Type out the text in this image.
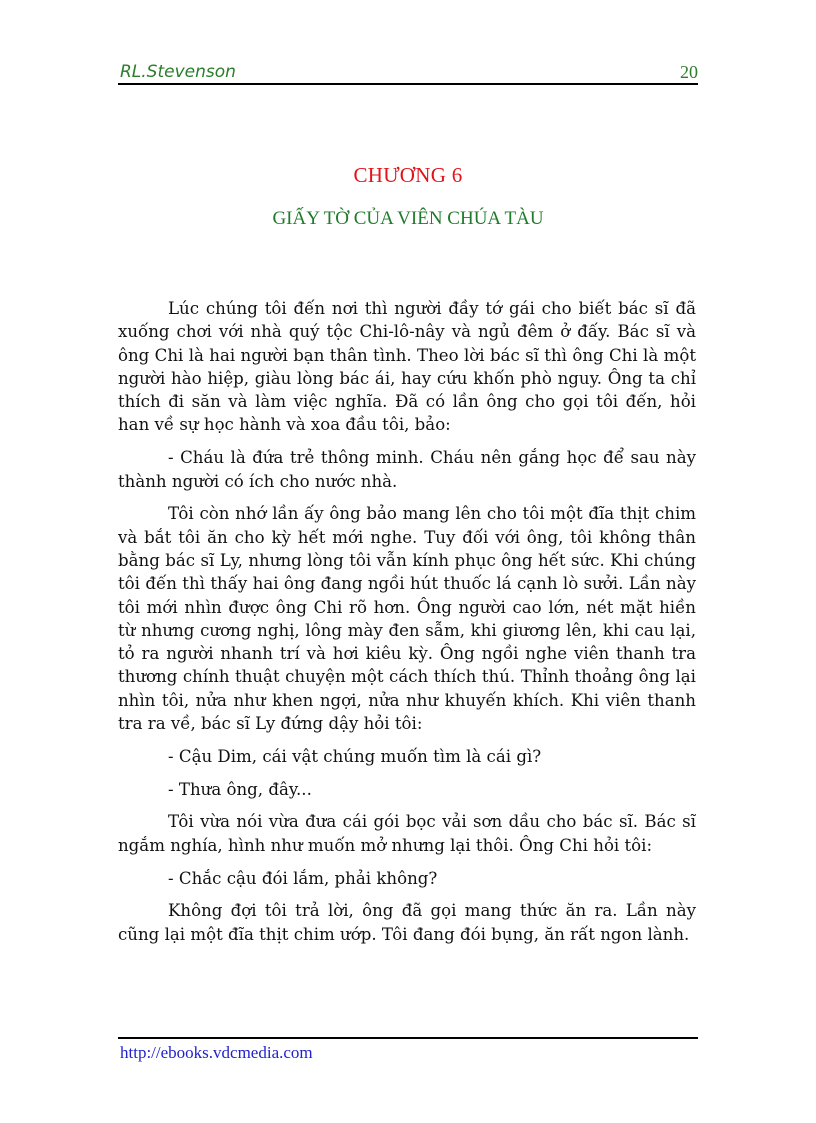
RL.Stevenson	20
CHƯƠNG 6
GIẤY TỜ CỦA VIÊN CHÚA TÀU

Lúc chúng tôi đến nơi thì người đầy tớ gái cho biết bác sĩ đã xuống chơi với nhà quý tộc Chi-lô-nây và ngủ đêm ở đấy. Bác sĩ và ông Chi là hai người bạn thân tình. Theo lời bác sĩ thì ông Chi là một người hào hiệp, giàu lòng bác ái, hay cứu khốn phò nguy. Ông ta chỉ thích đi săn và làm việc nghĩa. Đã có lần ông cho gọi tôi đến, hỏi han về sự học hành và xoa đầu tôi, bảo:

- Cháu là đứa trẻ thông minh. Cháu nên gắng học để sau này thành người có ích cho nước nhà.

Tôi còn nhớ lần ấy ông bảo mang lên cho tôi một đĩa thịt chim và bắt tôi ăn cho kỳ hết mới nghe. Tuy đối với ông, tôi không thân bằng bác sĩ Ly, nhưng lòng tôi vẫn kính phục ông hết sức. Khi chúng tôi đến thì thấy hai ông đang ngồi hút thuốc lá cạnh lò sưởi. Lần này tôi mới nhìn được ông Chi rõ hơn. Ông người cao lớn, nét mặt hiền từ nhưng cương nghị, lông mày đen sẫm, khi giương lên, khi cau lại, tỏ ra người nhanh trí và hơi kiêu kỳ. Ông ngồi nghe viên thanh tra thương chính thuật chuyện một cách thích thú. Thỉnh thoảng ông lại nhìn tôi, nửa như khen ngợi, nửa như khuyến khích. Khi viên thanh tra ra về, bác sĩ Ly đứng dậy hỏi tôi:

- Cậu Dim, cái vật chúng muốn tìm là cái gì?

- Thưa ông, đây...

Tôi vừa nói vừa đưa cái gói bọc vải sơn dầu cho bác sĩ. Bác sĩ ngắm nghía, hình như muốn mở nhưng lại thôi. Ông Chi hỏi tôi:

- Chắc cậu đói lắm, phải không?

Không đợi tôi trả lời, ông đã gọi mang thức ăn ra. Lần này cũng lại một đĩa thịt chim ướp. Tôi đang đói bụng, ăn rất ngon lành.

http://ebooks.vdcmedia.com
